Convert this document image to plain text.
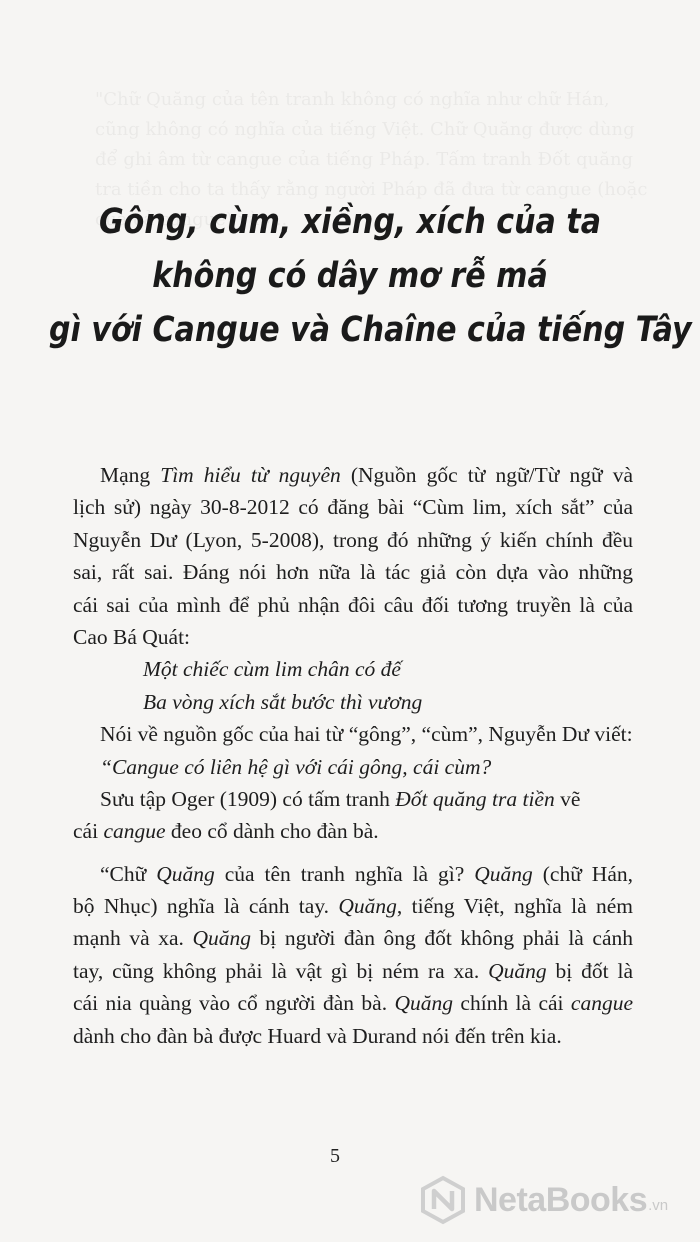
Gông, cùm, xiềng, xích của ta
không có dây mơ rễ má
gì với Cangue và Chaîne của tiếng Tây
Mạng Tìm hiểu từ nguyên (Nguồn gốc từ ngữ/Từ ngữ và
lịch sử) ngày 30-8-2012 có đăng bài “Cùm lim, xích sắt” của
Nguyễn Dư (Lyon, 5-2008), trong đó những ý kiến chính đều
sai, rất sai. Đáng nói hơn nữa là tác giả còn dựa vào những
cái sai của mình để phủ nhận đôi câu đối tương truyền là của
Cao Bá Quát:
Một chiếc cùm lim chân có đế
Ba vòng xích sắt bước thì vương
Nói về nguồn gốc của hai từ “gông”, “cùm”, Nguyễn Dư viết:
“Cangue có liên hệ gì với cái gông, cái cùm?
Sưu tập Oger (1909) có tấm tranh Đốt quăng tra tiền vẽ
cái cangue đeo cổ dành cho đàn bà.
“Chữ Quăng của tên tranh nghĩa là gì? Quăng (chữ Hán,
bộ Nhục) nghĩa là cánh tay. Quăng, tiếng Việt, nghĩa là ném
mạnh và xa. Quăng bị người đàn ông đốt không phải là cánh
tay, cũng không phải là vật gì bị ném ra xa. Quăng bị đốt là
cái nia quàng vào cổ người đàn bà. Quăng chính là cái cangue
dành cho đàn bà được Huard và Durand nói đến trên kia.
5
NetaBooks .vn
